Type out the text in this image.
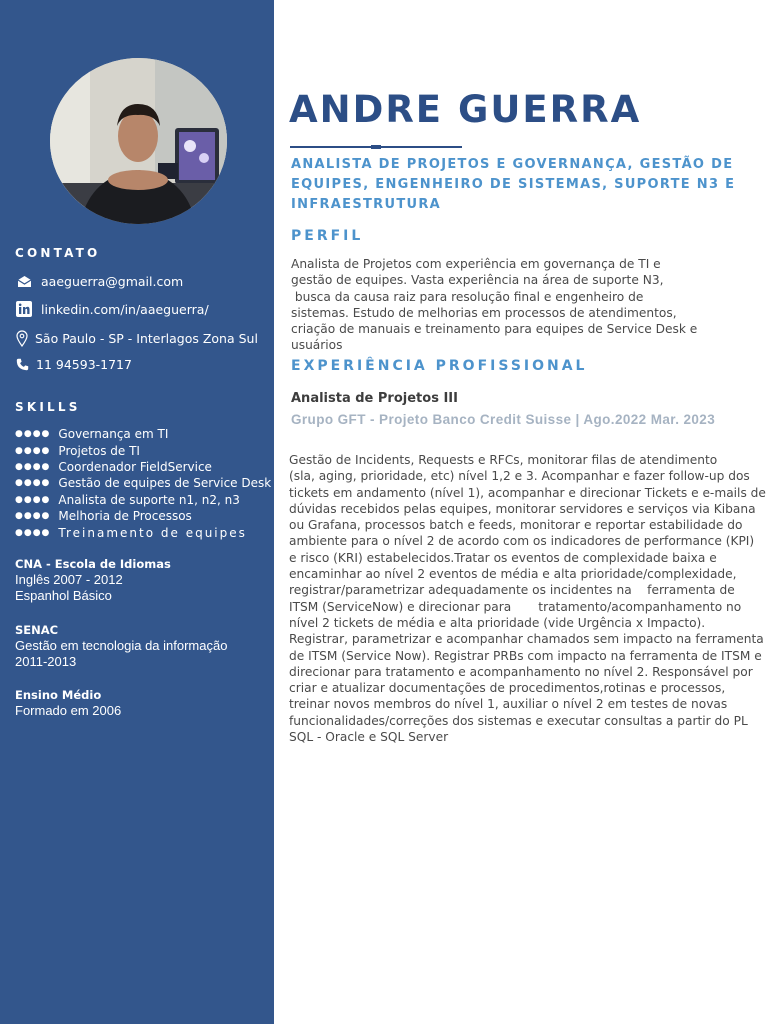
CONTATO
aaeguerra@gmail.com
linkedin.com/in/aaeguerra/
São Paulo - SP - Interlagos Zona Sul
11 94593-1717
SKILLS
●●●● Governança em TI
●●●● Projetos de TI
●●●● Coordenador FieldService
●●●● Gestão de equipes de Service Desk
●●●● Analista de suporte n1, n2, n3
●●●● Melhoria de Processos
●●●● Treinamento de equipes
CNA - Escola de Idiomas
Inglês 2007 - 2012
Espanhol Básico
SENAC
Gestão em tecnologia da informação
2011-2013
Ensino Médio
Formado em 2006
ANDRE GUERRA
ANALISTA DE PROJETOS E GOVERNANÇA, GESTÃO DE EQUIPES, ENGENHEIRO DE SISTEMAS, SUPORTE N3 E INFRAESTRUTURA
PERFIL
Analista de Projetos com experiência em governança de TI e
gestão de equipes. Vasta experiência na área de suporte N3,
busca da causa raiz para resolução final e engenheiro de
sistemas. Estudo de melhorias em processos de atendimentos,
criação de manuais e treinamento para equipes de Service Desk e
usuários
EXPERIÊNCIA PROFISSIONAL
Analista de Projetos III
Grupo GFT - Projeto Banco Credit Suisse | Ago.2022 Mar. 2023
Gestão de Incidents, Requests e RFCs, monitorar filas de atendimento
(sla, aging, prioridade, etc) nível 1,2 e 3. Acompanhar e fazer follow-up dos
tickets em andamento (nível 1), acompanhar e direcionar Tickets e e-mails de
dúvidas recebidos pelas equipes, monitorar servidores e serviços via Kibana
ou Grafana, processos batch e feeds, monitorar e reportar estabilidade do
ambiente para o nível 2 de acordo com os indicadores de performance (KPI)
e risco (KRI) estabelecidos.Tratar os eventos de complexidade baixa e
encaminhar ao nível 2 eventos de média e alta prioridade/complexidade,
registrar/parametrizar adequadamente os incidentes na    ferramenta de
ITSM (ServiceNow) e direcionar para       tratamento/acompanhamento no
nível 2 tickets de média e alta prioridade (vide Urgência x Impacto).
Registrar, parametrizar e acompanhar chamados sem impacto na ferramenta
de ITSM (Service Now). Registrar PRBs com impacto na ferramenta de ITSM e
direcionar para tratamento e acompanhamento no nível 2. Responsável por
criar e atualizar documentações de procedimentos,rotinas e processos,
treinar novos membros do nível 1, auxiliar o nível 2 em testes de novas
funcionalidades/correções dos sistemas e executar consultas a partir do PL
SQL - Oracle e SQL Server
